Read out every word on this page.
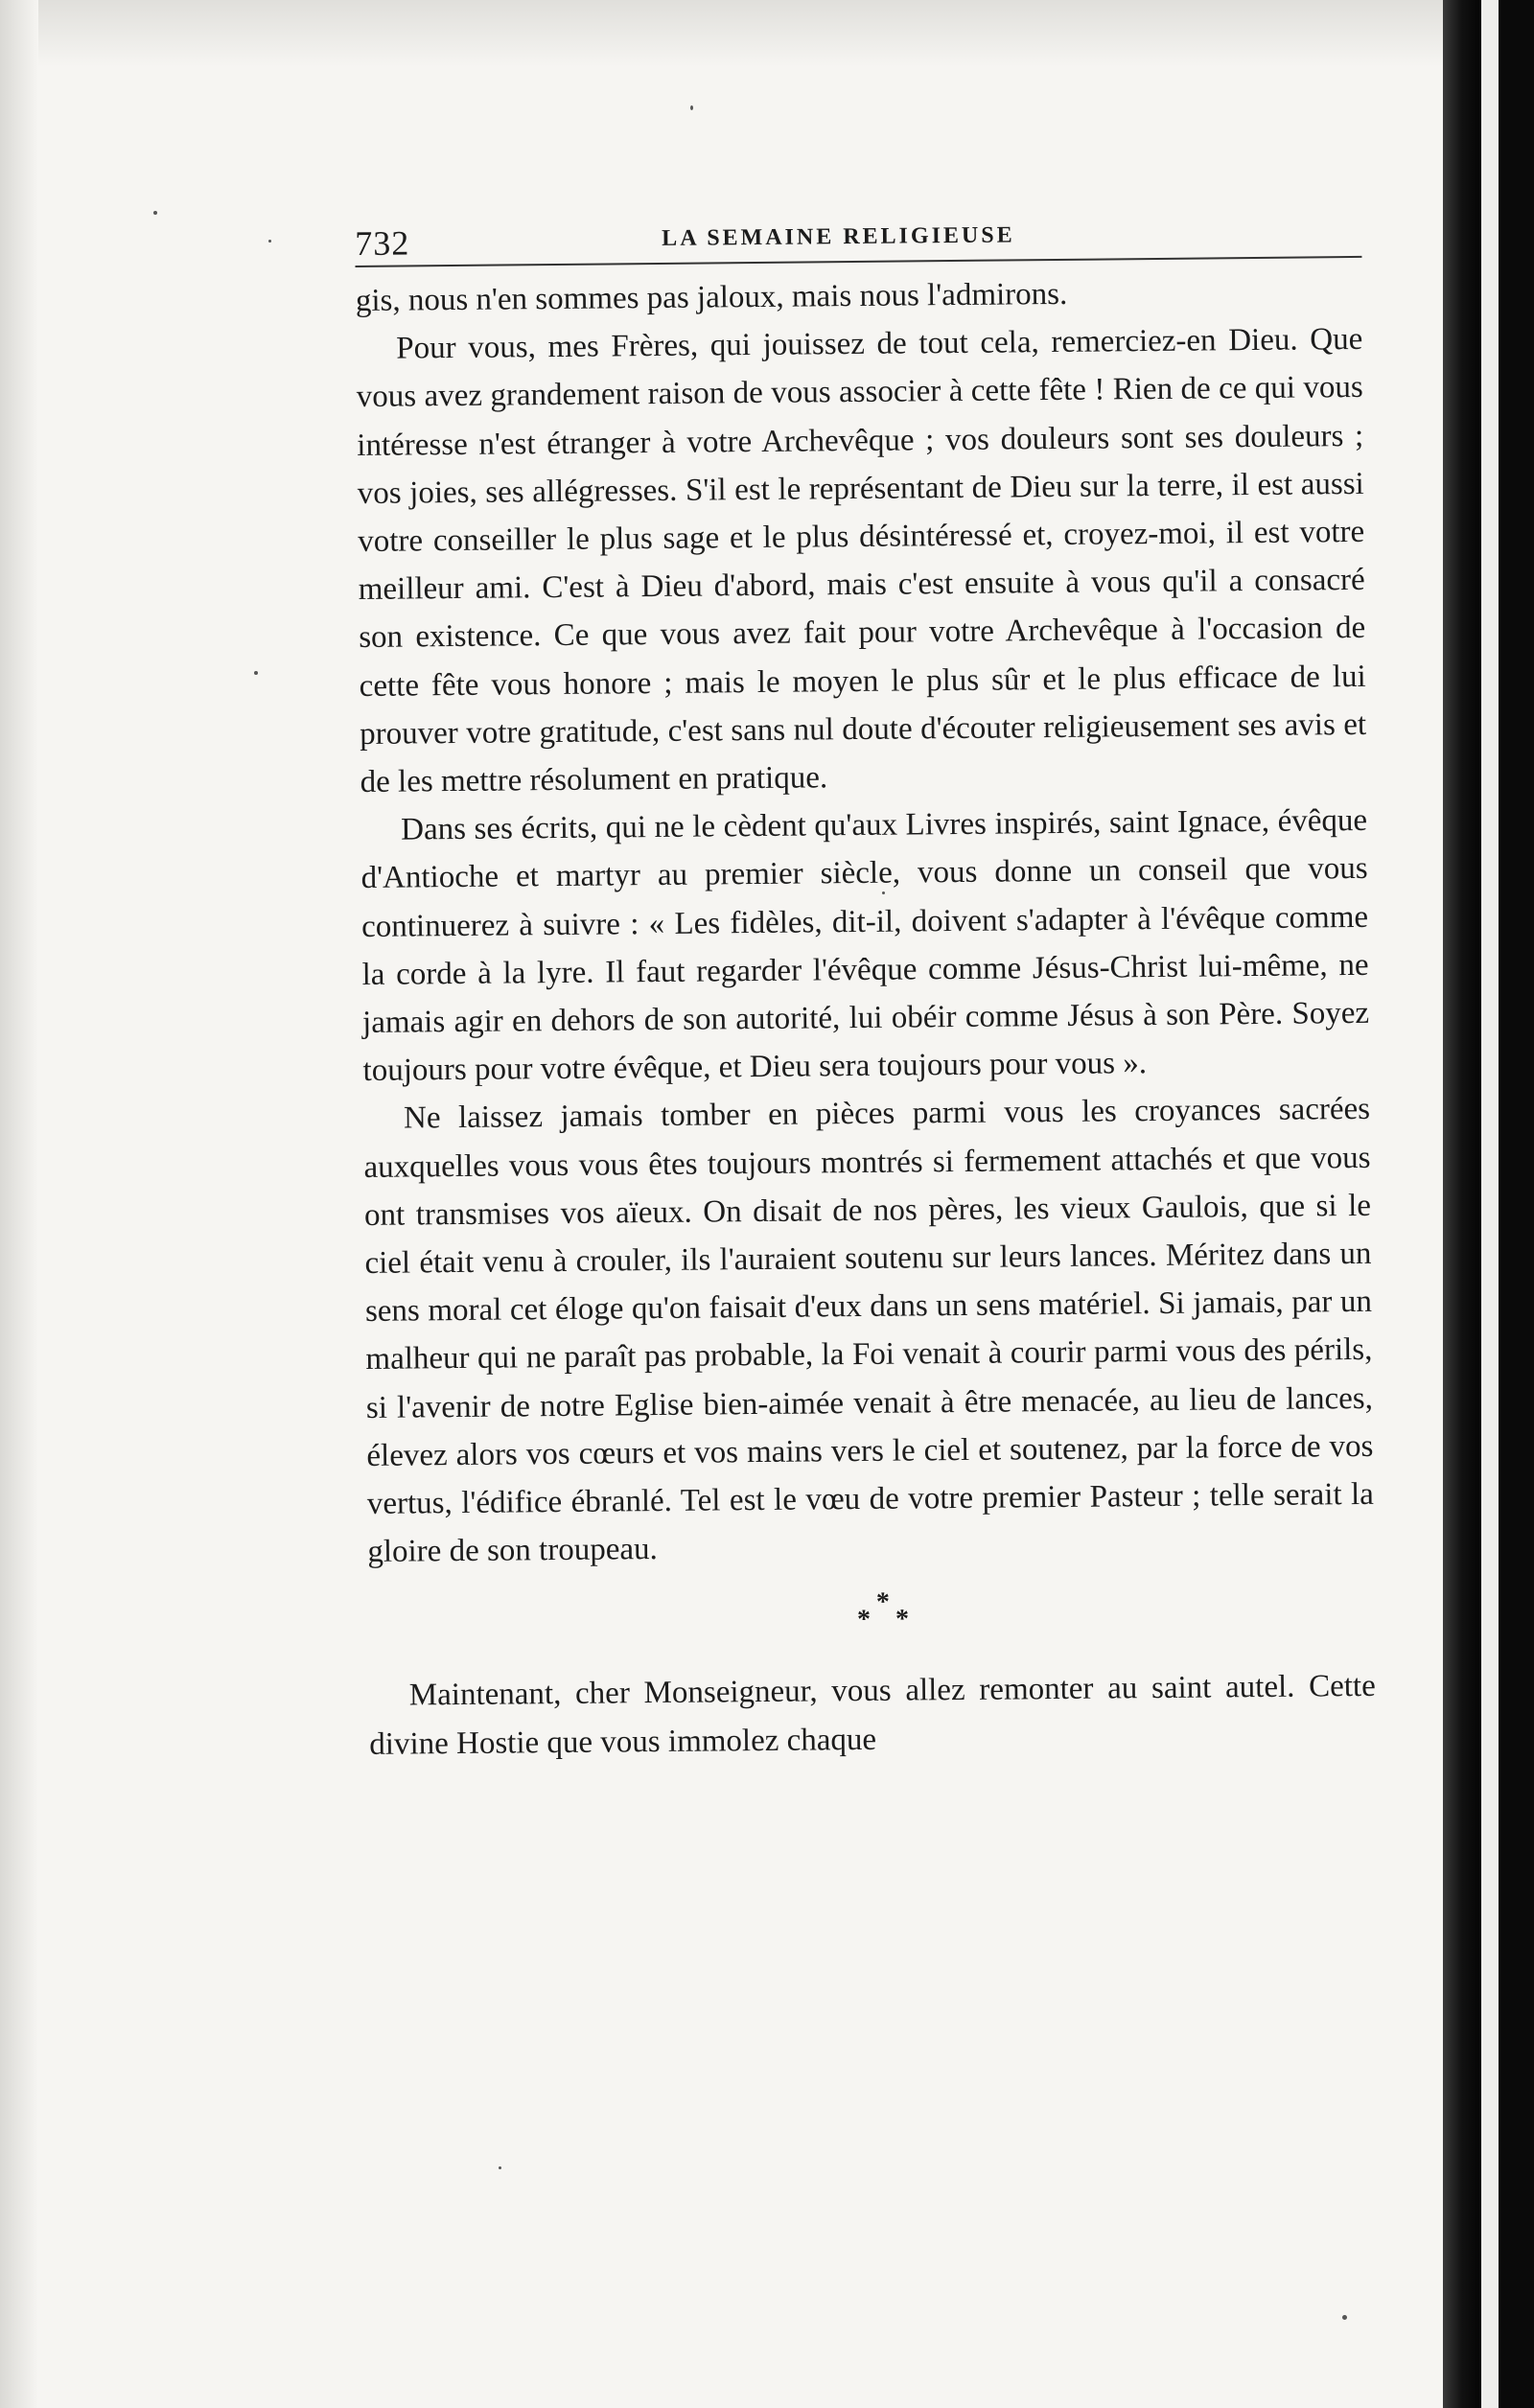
732	LA SEMAINE RELIGIEUSE

gis, nous n'en sommes pas jaloux, mais nous l'admirons.

Pour vous, mes Frères, qui jouissez de tout cela, remerciez-en Dieu. Que vous avez grandement raison de vous associer à cette fête ! Rien de ce qui vous intéresse n'est étranger à votre Archevêque ; vos douleurs sont ses douleurs ; vos joies, ses allégresses. S'il est le représentant de Dieu sur la terre, il est aussi votre conseiller le plus sage et le plus désintéressé et, croyez-moi, il est votre meilleur ami. C'est à Dieu d'abord, mais c'est ensuite à vous qu'il a consacré son existence. Ce que vous avez fait pour votre Archevêque à l'occasion de cette fête vous honore ; mais le moyen le plus sûr et le plus efficace de lui prouver votre gratitude, c'est sans nul doute d'écouter religieusement ses avis et de les mettre résolument en pratique.

Dans ses écrits, qui ne le cèdent qu'aux Livres inspirés, saint Ignace, évêque d'Antioche et martyr au premier siècle, vous donne un conseil que vous continuerez à suivre : « Les fidèles, dit-il, doivent s'adapter à l'évêque comme la corde à la lyre. Il faut regarder l'évêque comme Jésus-Christ lui-même, ne jamais agir en dehors de son autorité, lui obéir comme Jésus à son Père. Soyez toujours pour votre évêque, et Dieu sera toujours pour vous ».

Ne laissez jamais tomber en pièces parmi vous les croyances sacrées auxquelles vous vous êtes toujours montrés si fermement attachés et que vous ont transmises vos aïeux. On disait de nos pères, les vieux Gaulois, que si le ciel était venu à crouler, ils l'auraient soutenu sur leurs lances. Méritez dans un sens moral cet éloge qu'on faisait d'eux dans un sens matériel. Si jamais, par un malheur qui ne paraît pas probable, la Foi venait à courir parmi vous des périls, si l'avenir de notre Eglise bien-aimée venait à être menacée, au lieu de lances, élevez alors vos cœurs et vos mains vers le ciel et soutenez, par la force de vos vertus, l'édifice ébranlé. Tel est le vœu de votre premier Pasteur ; telle serait la gloire de son troupeau.

*
* *

Maintenant, cher Monseigneur, vous allez remonter au saint autel. Cette divine Hostie que vous immolez chaque
